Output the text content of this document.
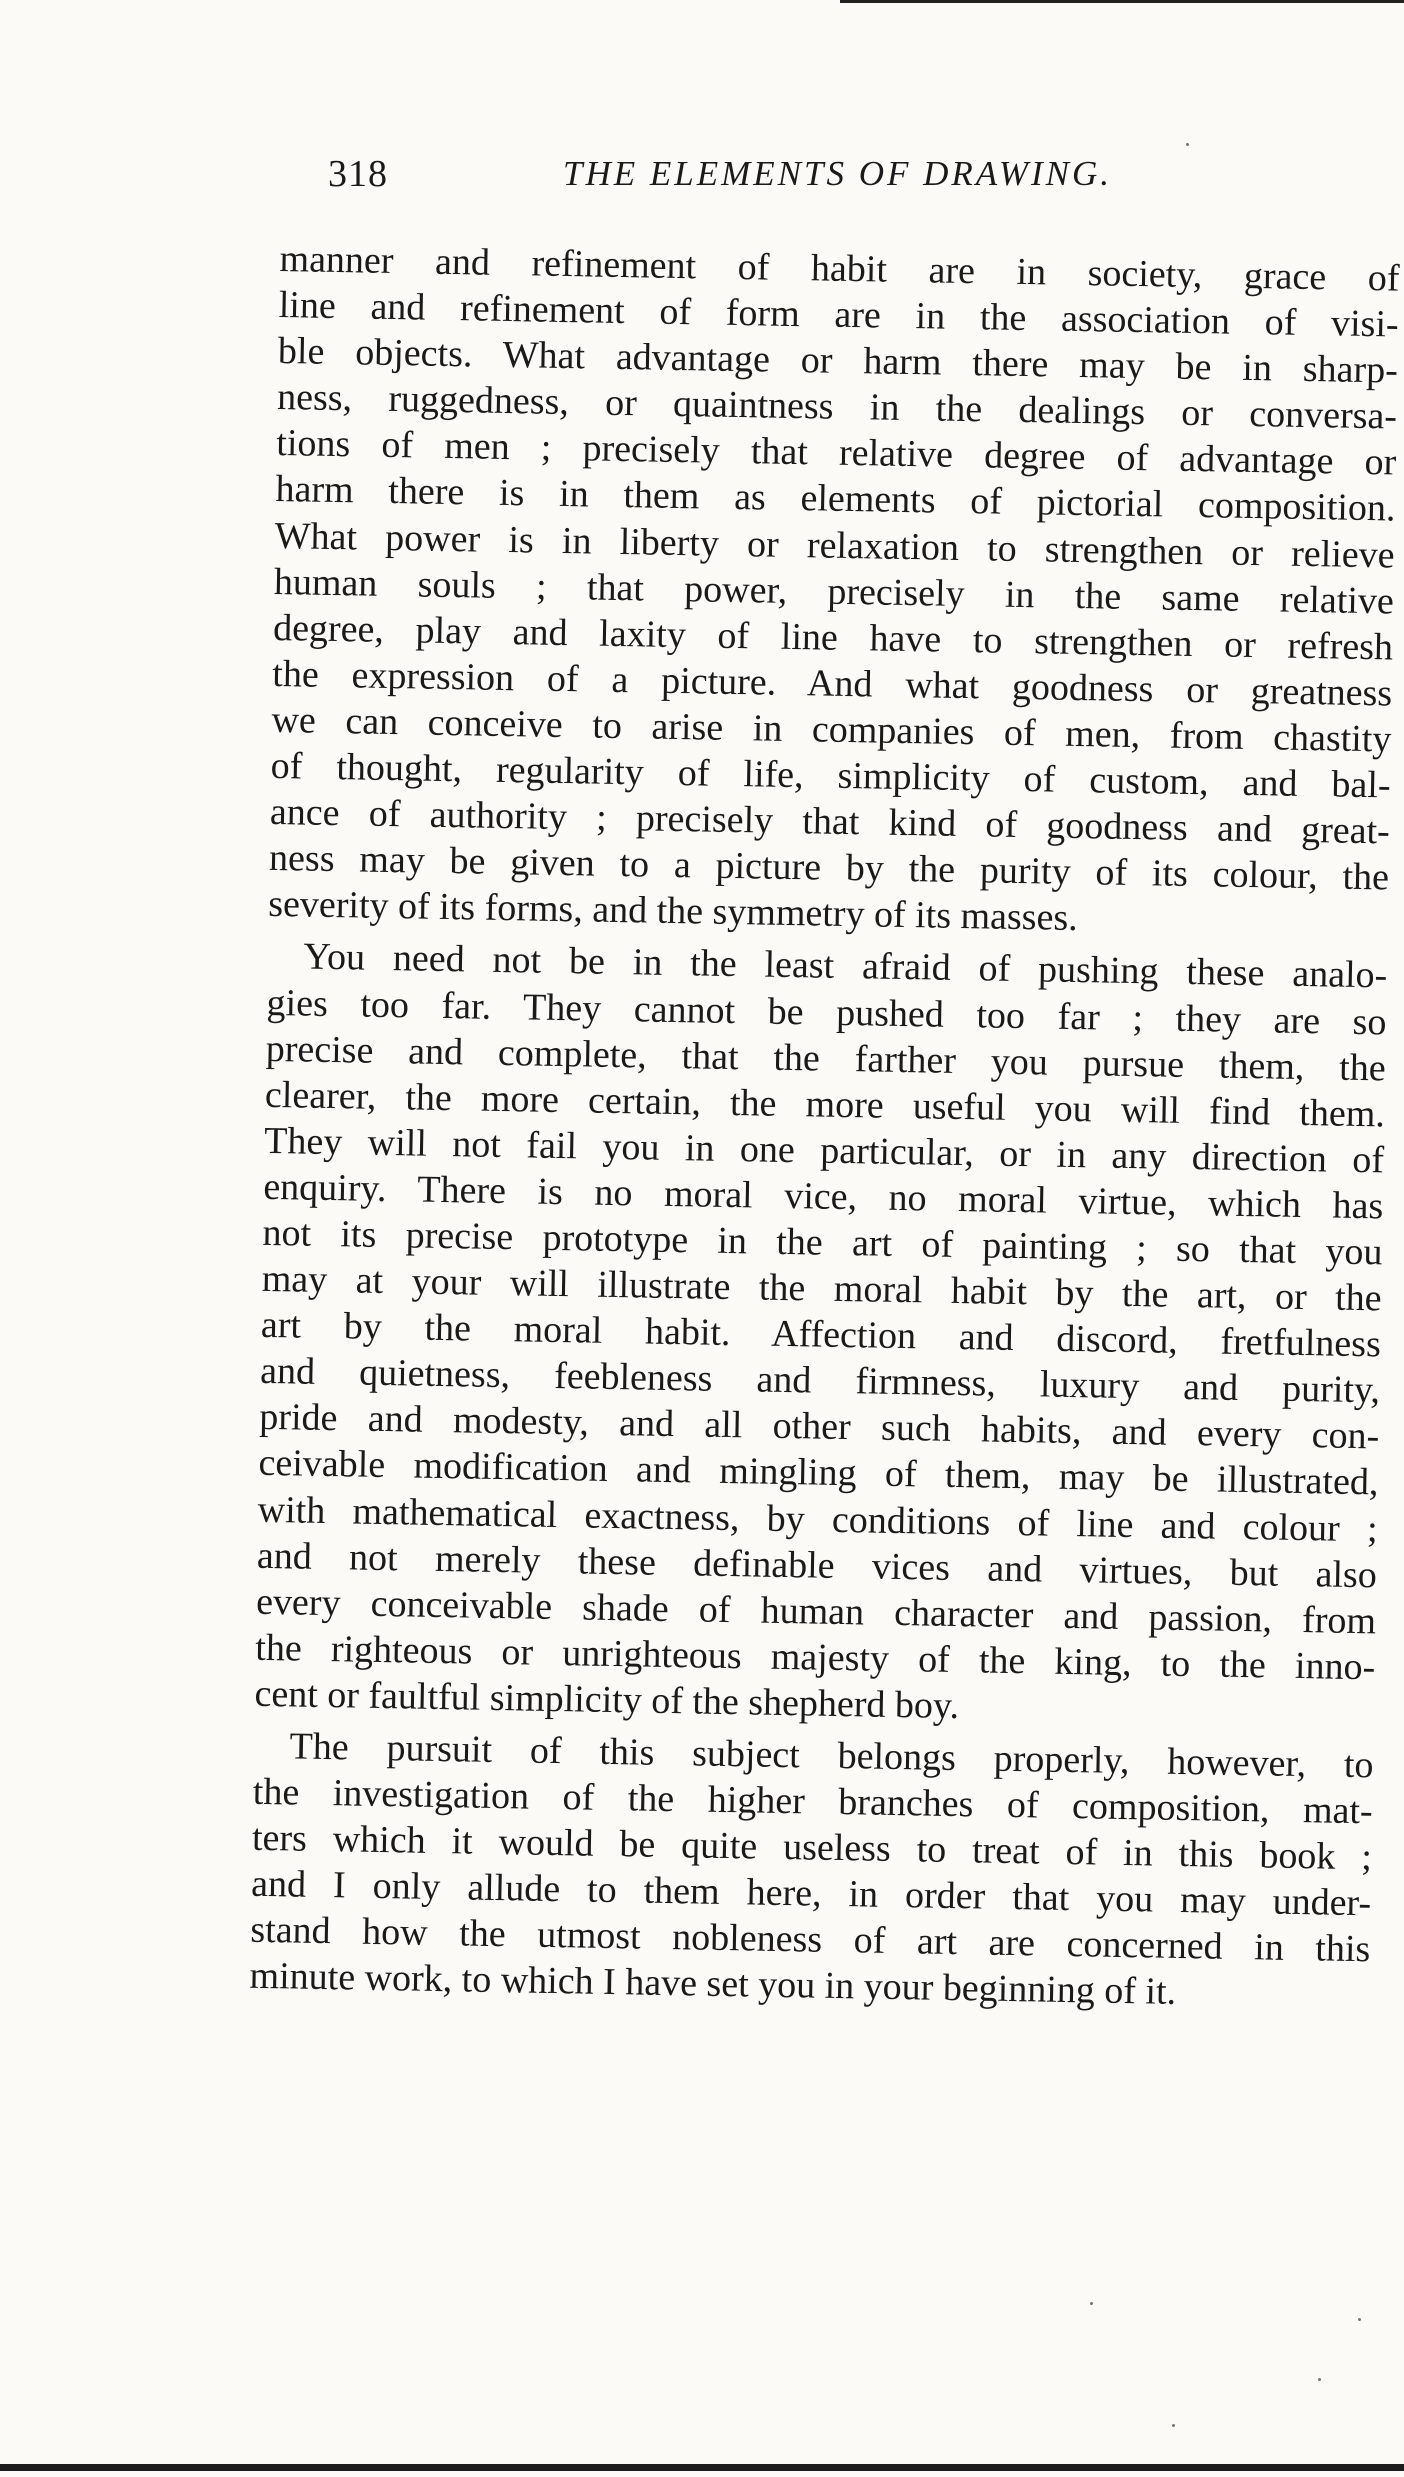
318	THE ELEMENTS OF DRAWING.
manner and refinement of habit are in society, grace of
line and refinement of form are in the association of visi-
ble objects. What advantage or harm there may be in sharp-
ness, ruggedness, or quaintness in the dealings or conversa-
tions of men ; precisely that relative degree of advantage or
harm there is in them as elements of pictorial composition.
What power is in liberty or relaxation to strengthen or relieve
human souls ; that power, precisely in the same relative
degree, play and laxity of line have to strengthen or refresh
the expression of a picture. And what goodness or greatness
we can conceive to arise in companies of men, from chastity
of thought, regularity of life, simplicity of custom, and bal-
ance of authority ; precisely that kind of goodness and great-
ness may be given to a picture by the purity of its colour, the
severity of its forms, and the symmetry of its masses.
You need not be in the least afraid of pushing these analo-
gies too far. They cannot be pushed too far ; they are so
precise and complete, that the farther you pursue them, the
clearer, the more certain, the more useful you will find them.
They will not fail you in one particular, or in any direction of
enquiry. There is no moral vice, no moral virtue, which has
not its precise prototype in the art of painting ; so that you
may at your will illustrate the moral habit by the art, or the
art by the moral habit. Affection and discord, fretfulness
and quietness, feebleness and firmness, luxury and purity,
pride and modesty, and all other such habits, and every con-
ceivable modification and mingling of them, may be illustrated,
with mathematical exactness, by conditions of line and colour ;
and not merely these definable vices and virtues, but also
every conceivable shade of human character and passion, from
the righteous or unrighteous majesty of the king, to the inno-
cent or faultful simplicity of the shepherd boy.
The pursuit of this subject belongs properly, however, to
the investigation of the higher branches of composition, mat-
ters which it would be quite useless to treat of in this book ;
and I only allude to them here, in order that you may under-
stand how the utmost nobleness of art are concerned in this
minute work, to which I have set you in your beginning of it.
